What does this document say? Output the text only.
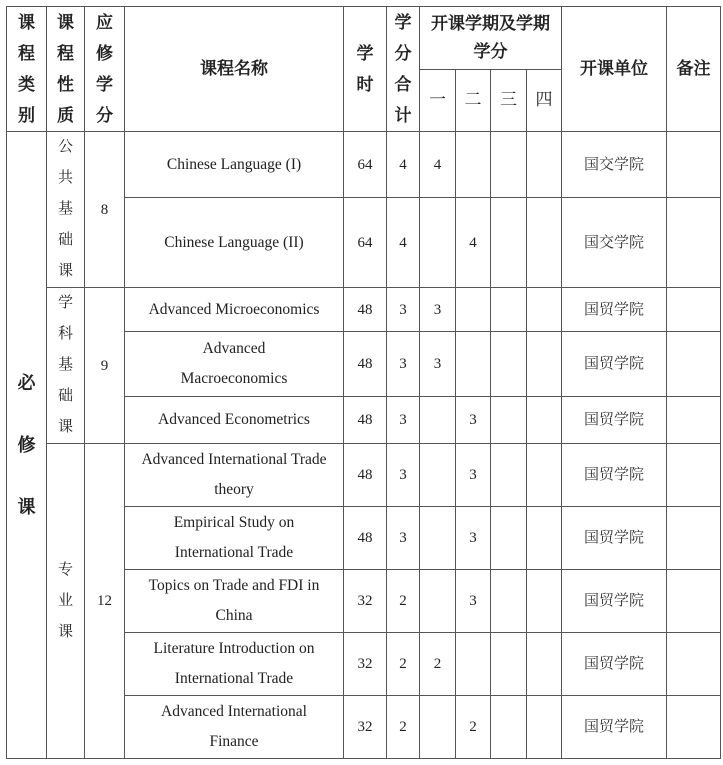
课程类别	课程性质	应修学分	课程名称	学时	学分合计	开课学期及学期学分				开课单位	备注
						一	二	三	四		
必修课	公共基础课	8	Chinese Language (I)	64	4	4				国交学院	
			Chinese Language (II)	64	4		4			国交学院	
	学科基础课	9	Advanced Microeconomics	48	3	3				国贸学院	
			Advanced Macroeconomics	48	3	3				国贸学院	
			Advanced Econometrics	48	3		3			国贸学院	
	专业课	12	Advanced International Trade theory	48	3		3			国贸学院	
			Empirical Study on International Trade	48	3		3			国贸学院	
			Topics on Trade and FDI in China	32	2		3			国贸学院	
			Literature Introduction on International Trade	32	2	2				国贸学院	
			Advanced International Finance	32	2		2			国贸学院	
